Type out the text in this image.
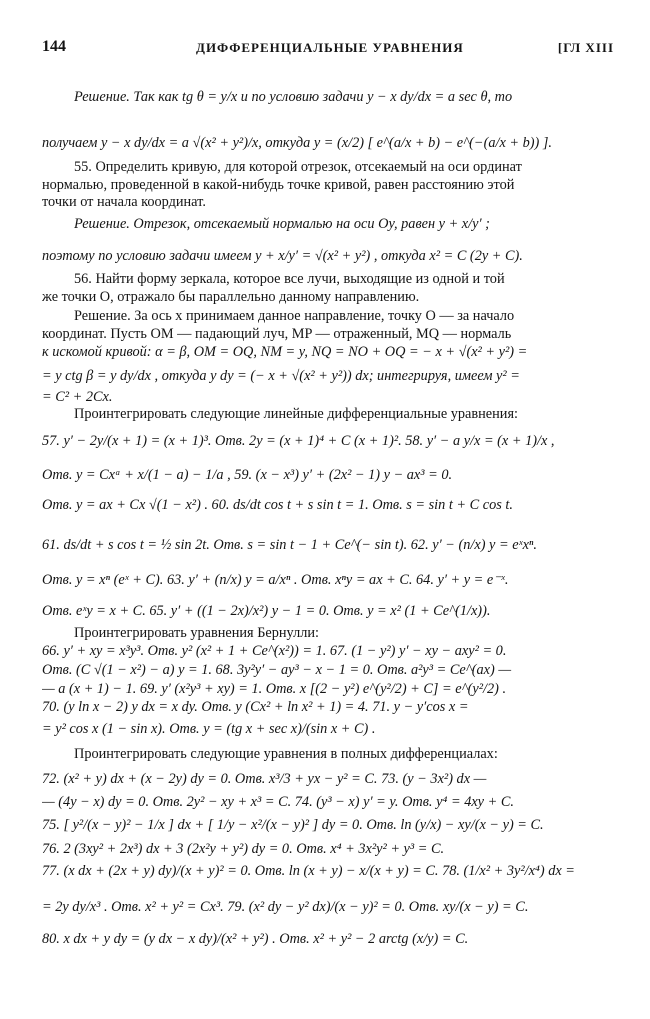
144	ДИФФЕРЕНЦИАЛЬНЫЕ УРАВНЕНИЯ	[ГЛ XIII
Решение. Так как tg θ = y/x и по условию задачи y − x dy/dx = a sec θ, то
получаем y − x dy/dx = a √(x² + y²)/x, откуда y = (x/2) [ e^(a/x + b) − e^(−(a/x + b)) ].
55. Определить кривую, для которой отрезок, отсекаемый на оси ординат
нормалью, проведенной в какой-нибудь точке кривой, равен расстоянию этой
точки от начала координат.
Решение. Отрезок, отсекаемый нормалью на оси Oy, равен y + x/y′ ;
поэтому по условию задачи имеем y + x/y′ = √(x² + y²) , откуда x² = C (2y + C).
56. Найти форму зеркала, которое все лучи, выходящие из одной и той
же точки O, отражало бы параллельно данному направлению.
Решение. За ось x принимаем данное направление, точку O — за начало
координат. Пусть OM — падающий луч, MP — отраженный, MQ — нормаль
к искомой кривой: α = β, OM = OQ, NM = y, NQ = NO + OQ = − x + √(x² + y²) =
= y ctg β = y dy/dx , откуда y dy = (− x + √(x² + y²)) dx; интегрируя, имеем y² =
= C² + 2Cx.
Проинтегрировать следующие линейные дифференциальные уравнения:
57. y′ − 2y/(x + 1) = (x + 1)³. Отв. 2y = (x + 1)⁴ + C (x + 1)². 58. y′ − a y/x = (x + 1)/x ,
Отв. y = Cxᵃ + x/(1 − a) − 1/a , 59. (x − x³) y′ + (2x² − 1) y − ax³ = 0.
Отв. y = ax + Cx √(1 − x²) . 60. ds/dt cos t + s sin t = 1. Отв. s = sin t + C cos t.
61. ds/dt + s cos t = ½ sin 2t. Отв. s = sin t − 1 + Ce^(− sin t). 62. y′ − (n/x) y = eˣxⁿ.
Отв. y = xⁿ (eˣ + C). 63. y′ + (n/x) y = a/xⁿ . Отв. xⁿy = ax + C. 64. y′ + y = e⁻ˣ.
Отв. eˣy = x + C. 65. y′ + ((1 − 2x)/x²) y − 1 = 0. Отв. y = x² (1 + Ce^(1/x)).
Проинтегрировать уравнения Бернулли:
66. y′ + xy = x³y³. Отв. y² (x² + 1 + Ce^(x²)) = 1. 67. (1 − y²) y′ − xy − axy² = 0.
Отв. (C √(1 − x²) − a) y = 1. 68. 3y²y′ − ay³ − x − 1 = 0. Отв. a²y³ = Ce^(ax) —
— a (x + 1) − 1. 69. y′ (x²y³ + xy) = 1. Отв. x [(2 − y²) e^(y²/2) + C] = e^(y²/2) .
70. (y ln x − 2) y dx = x dy. Отв. y (Cx² + ln x² + 1) = 4. 71. y − y′cos x =
= y² cos x (1 − sin x). Отв. y = (tg x + sec x)/(sin x + C) .
Проинтегрировать следующие уравнения в полных дифференциалах:
72. (x² + y) dx + (x − 2y) dy = 0. Отв. x³/3 + yx − y² = C. 73. (y − 3x²) dx —
— (4y − x) dy = 0. Отв. 2y² − xy + x³ = C. 74. (y³ − x) y′ = y. Отв. y⁴ = 4xy + C.
75. [ y²/(x − y)² − 1/x ] dx + [ 1/y − x²/(x − y)² ] dy = 0. Отв. ln (y/x) − xy/(x − y) = C.
76. 2 (3xy² + 2x³) dx + 3 (2x²y + y²) dy = 0. Отв. x⁴ + 3x²y² + y³ = C.
77. (x dx + (2x + y) dy)/(x + y)² = 0. Отв. ln (x + y) − x/(x + y) = C. 78. (1/x² + 3y²/x⁴) dx =
= 2y dy/x³ . Отв. x² + y² = Cx³. 79. (x² dy − y² dx)/(x − y)² = 0. Отв. xy/(x − y) = C.
80. x dx + y dy = (y dx − x dy)/(x² + y²) . Отв. x² + y² − 2 arctg (x/y) = C.
